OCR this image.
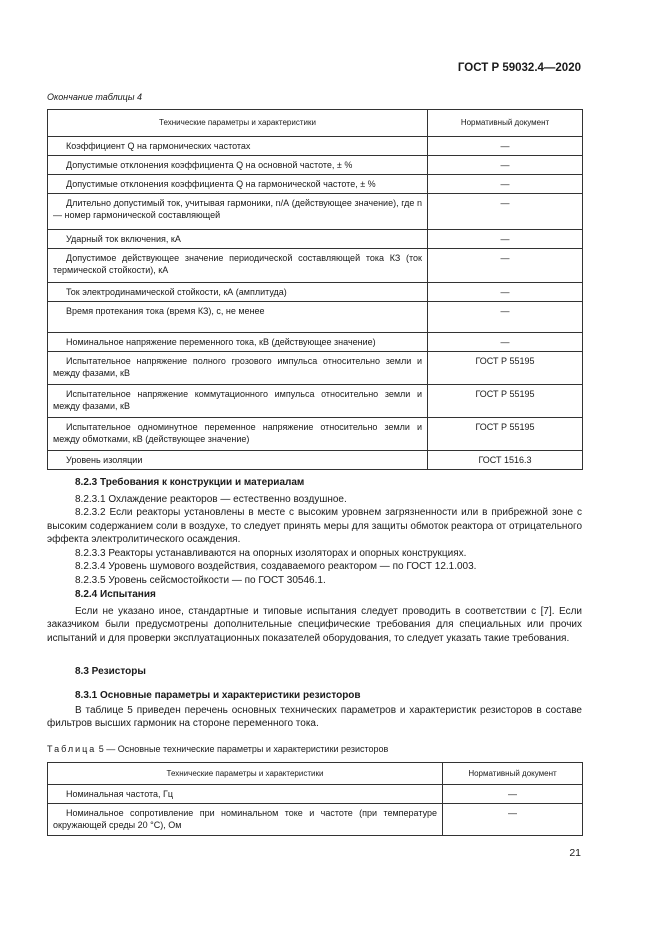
ГОСТ Р 59032.4—2020
Окончание таблицы 4
Технические параметры и характеристики	Нормативный документ
Коэффициент Q на гармонических частотах	—
Допустимые отклонения коэффициента Q на основной частоте, ± %	—
Допустимые отклонения коэффициента Q на гармонической частоте, ± %	—
Длительно допустимый ток, учитывая гармоники, n/А (действующее значение), где n — номер гармонической составляющей	—
Ударный ток включения, кА	—
Допустимое действующее значение периодической составляющей тока КЗ (ток термической стойкости), кА	—
Ток электродинамической стойкости, кА (амплитуда)	—
Время протекания тока (время КЗ), с, не менее	—
Номинальное напряжение переменного тока, кВ (действующее значение)	—
Испытательное напряжение полного грозового импульса относительно земли и между фазами, кВ	ГОСТ Р 55195
Испытательное напряжение коммутационного импульса относительно земли и между фазами, кВ	ГОСТ Р 55195
Испытательное одноминутное переменное напряжение относительно земли и между обмотками, кВ (действующее значение)	ГОСТ Р 55195
Уровень изоляции	ГОСТ 1516.3

8.2.3 Требования к конструкции и материалам

8.2.3.1 Охлаждение реакторов — естественно воздушное.

8.2.3.2 Если реакторы установлены в месте с высоким уровнем загрязненности или в прибрежной зоне с высоким содержанием соли в воздухе, то следует принять меры для защиты обмоток реактора от отрицательного эффекта электролитического осаждения.

8.2.3.3 Реакторы устанавливаются на опорных изоляторах и опорных конструкциях.

8.2.3.4 Уровень шумового воздействия, создаваемого реактором — по ГОСТ 12.1.003.

8.2.3.5 Уровень сейсмостойкости — по ГОСТ 30546.1.

8.2.4 Испытания

Если не указано иное, стандартные и типовые испытания следует проводить в соответствии с [7]. Если заказчиком были предусмотрены дополнительные специфические требования для специальных или прочих испытаний и для проверки эксплуатационных показателей оборудования, то следует указать такие требования.

8.3 Резисторы

8.3.1 Основные параметры и характеристики резисторов

В таблице 5 приведен перечень основных технических параметров и характеристик резисторов в составе фильтров высших гармоник на стороне переменного тока.

Таблица 5 — Основные технические параметры и характеристики резисторов
Технические параметры и характеристики	Нормативный документ
Номинальная частота, Гц	—
Номинальное сопротивление при номинальном токе и частоте (при температуре окружающей среды 20 °С), Ом	—
21
